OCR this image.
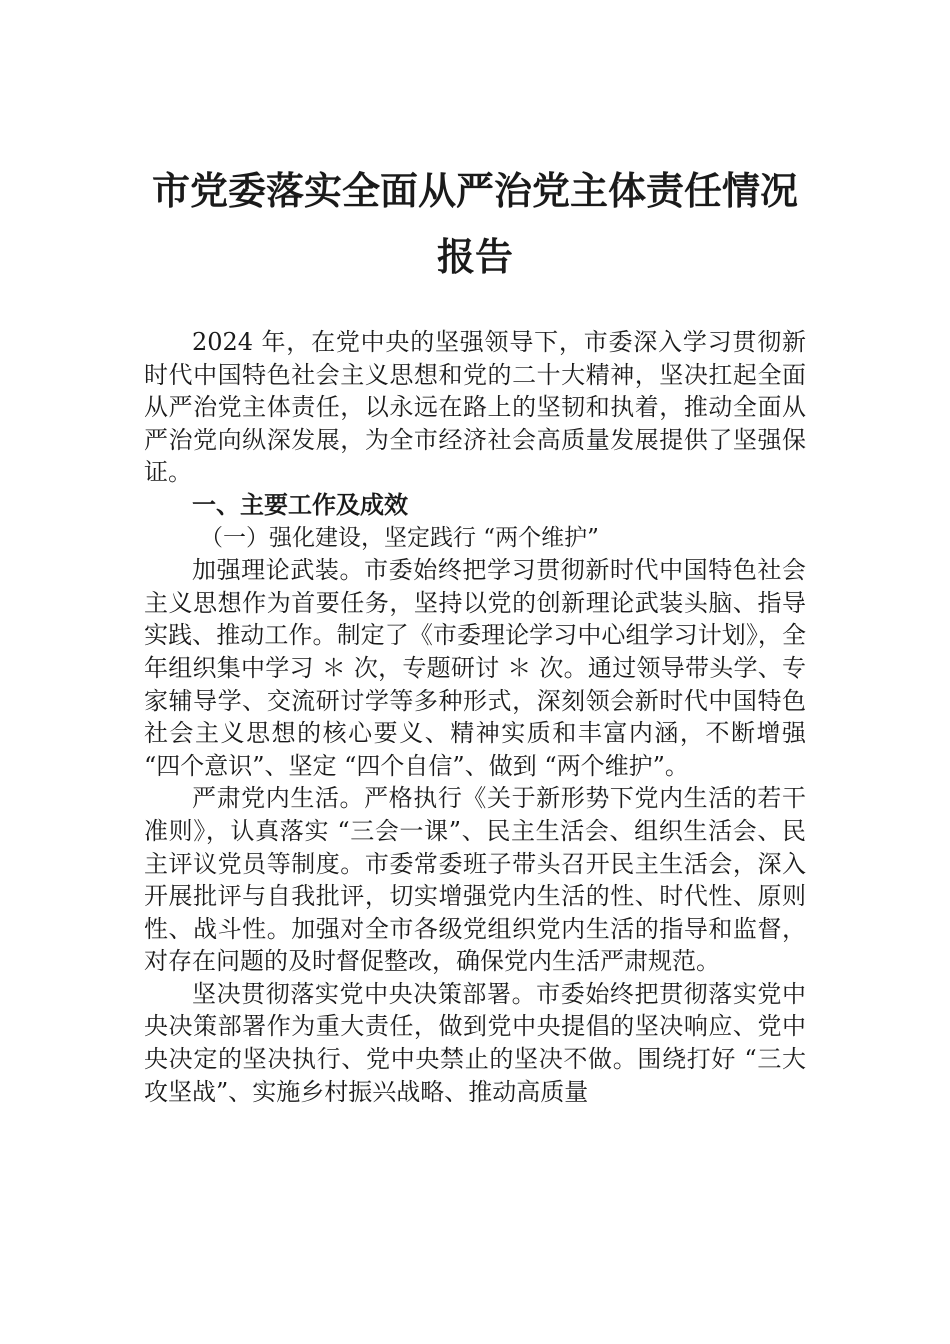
市党委落实全面从严治党主体责任情况报告

2024 年，在党中央的坚强领导下，市委深入学习贯彻新时代中国特色社会主义思想和党的二十大精神，坚决扛起全面从严治党主体责任，以永远在路上的坚韧和执着，推动全面从严治党向纵深发展，为全市经济社会高质量发展提供了坚强保证。

一、主要工作及成效

（一）强化建设，坚定践行 “两个维护”

加强理论武装。市委始终把学习贯彻新时代中国特色社会主义思想作为首要任务，坚持以党的创新理论武装头脑、指导实践、推动工作。制定了《市委理论学习中心组学习计划》，全年组织集中学习 ＊ 次，专题研讨 ＊ 次。通过领导带头学、专家辅导学、交流研讨学等多种形式，深刻领会新时代中国特色社会主义思想的核心要义、精神实质和丰富内涵，不断增强 “四个意识”、坚定 “四个自信”、做到 “两个维护”。

严肃党内生活。严格执行《关于新形势下党内生活的若干准则》，认真落实 “三会一课”、民主生活会、组织生活会、民主评议党员等制度。市委常委班子带头召开民主生活会，深入开展批评与自我批评，切实增强党内生活的性、时代性、原则性、战斗性。加强对全市各级党组织党内生活的指导和监督，对存在问题的及时督促整改，确保党内生活严肃规范。

坚决贯彻落实党中央决策部署。市委始终把贯彻落实党中央决策部署作为重大责任，做到党中央提倡的坚决响应、党中央决定的坚决执行、党中央禁止的坚决不做。围绕打好 “三大攻坚战”、实施乡村振兴战略、推动高质量
